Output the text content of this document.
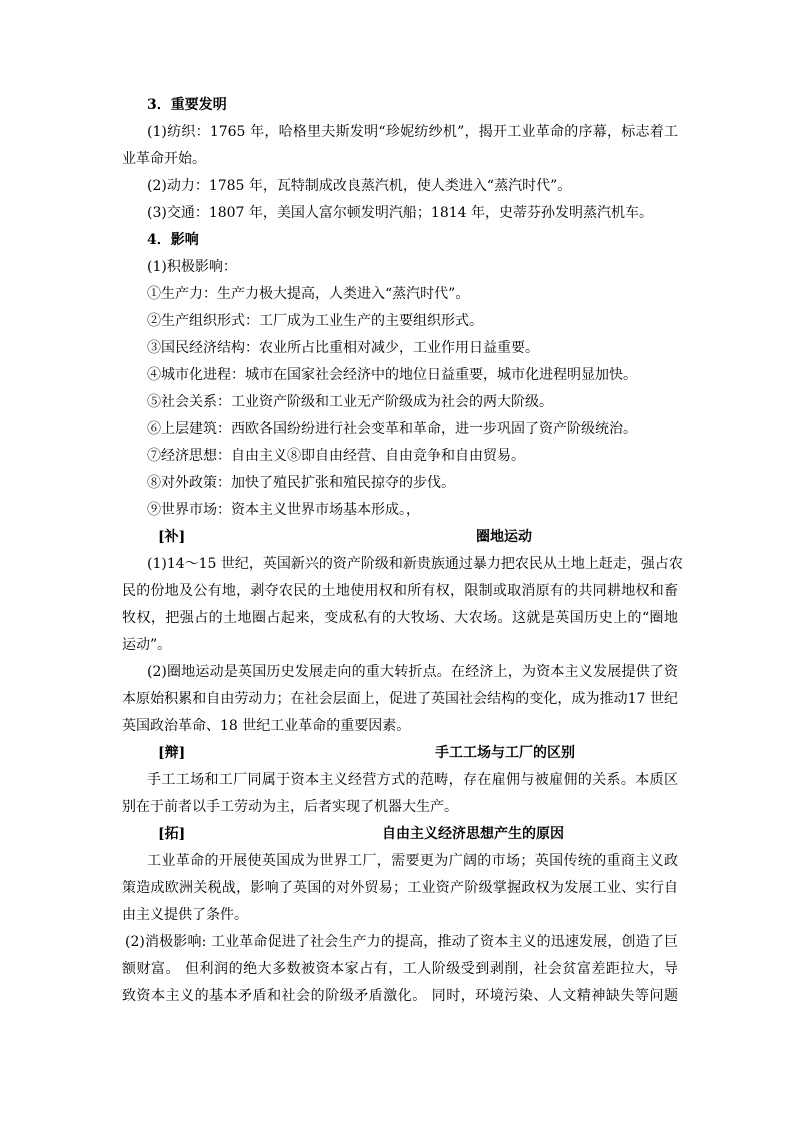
3．重要发明
(1)纺织：1765 年，哈格里夫斯发明“珍妮纺纱机”，揭开工业革命的序幕，标志着工
业革命开始。
(2)动力：1785 年，瓦特制成改良蒸汽机，使人类进入“蒸汽时代”。
(3)交通：1807 年，美国人富尔顿发明汽船；1814 年，史蒂芬孙发明蒸汽机车。
4．影响
(1)积极影响：
①生产力：生产力极大提高，人类进入“蒸汽时代”。
②生产组织形式：工厂成为工业生产的主要组织形式。
③国民经济结构：农业所占比重相对减少，工业作用日益重要。
④城市化进程：城市在国家社会经济中的地位日益重要，城市化进程明显加快。
⑤社会关系：工业资产阶级和工业无产阶级成为社会的两大阶级。
⑥上层建筑：西欧各国纷纷进行社会变革和革命，进一步巩固了资产阶级统治。
⑦经济思想：自由主义⑧即自由经营、自由竞争和自由贸易。
⑧对外政策：加快了殖民扩张和殖民掠夺的步伐。
⑨世界市场：资本主义世界市场基本形成。，
[补]	圈地运动
(1)14～15 世纪，英国新兴的资产阶级和新贵族通过暴力把农民从土地上赶走，强占农
民的份地及公有地，剥夺农民的土地使用权和所有权，限制或取消原有的共同耕地权和畜
牧权，把强占的土地圈占起来，变成私有的大牧场、大农场。这就是英国历史上的“圈地
运动”。
(2)圈地运动是英国历史发展走向的重大转折点。在经济上，为资本主义发展提供了资
本原始积累和自由劳动力；在社会层面上，促进了英国社会结构的变化，成为推动17 世纪
英国政治革命、18 世纪工业革命的重要因素。
[辩]	手工工场与工厂的区别
手工工场和工厂同属于资本主义经营方式的范畴，存在雇佣与被雇佣的关系。本质区
别在于前者以手工劳动为主，后者实现了机器大生产。
[拓]	自由主义经济思想产生的原因
工业革命的开展使英国成为世界工厂，需要更为广阔的市场；英国传统的重商主义政
策造成欧洲关税战，影响了英国的对外贸易；工业资产阶级掌握政权为发展工业、实行自
由主义提供了条件。
(2)消极影响: 工业革命促进了社会生产力的提高，推动了资本主义的迅速发展，创造了巨
额财富。 但利润的绝大多数被资本家占有，工人阶级受到剥削，社会贫富差距拉大，导
致资本主义的基本矛盾和社会的阶级矛盾激化。 同时，环境污染、人文精神缺失等问题
